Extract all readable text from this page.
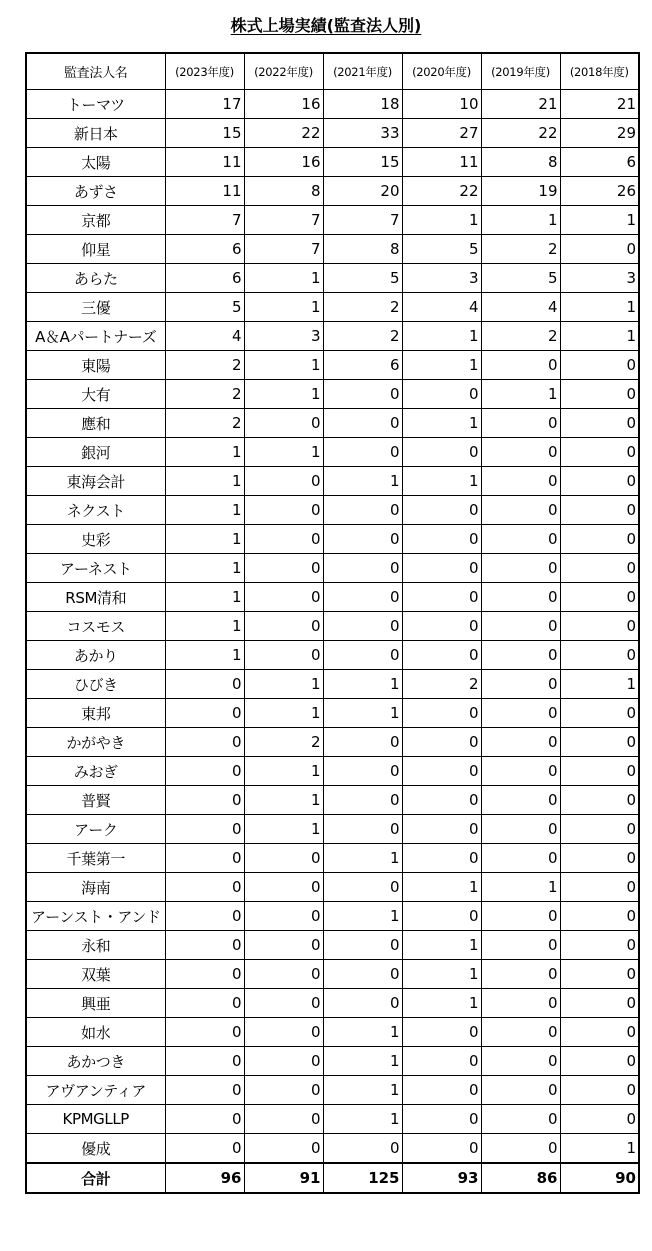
株式上場実績(監査法人別)
監査法人名	(2023年度)	(2022年度)	(2021年度)	(2020年度)	(2019年度)	(2018年度)
トーマツ	17	16	18	10	21	21
新日本	15	22	33	27	22	29
太陽	11	16	15	11	8	6
あずさ	11	8	20	22	19	26
京都	7	7	7	1	1	1
仰星	6	7	8	5	2	0
あらた	6	1	5	3	5	3
三優	5	1	2	4	4	1
A＆Aパートナーズ	4	3	2	1	2	1
東陽	2	1	6	1	0	0
大有	2	1	0	0	1	0
應和	2	0	0	1	0	0
銀河	1	1	0	0	0	0
東海会計	1	0	1	1	0	0
ネクスト	1	0	0	0	0	0
史彩	1	0	0	0	0	0
アーネスト	1	0	0	0	0	0
RSM清和	1	0	0	0	0	0
コスモス	1	0	0	0	0	0
あかり	1	0	0	0	0	0
ひびき	0	1	1	2	0	1
東邦	0	1	1	0	0	0
かがやき	0	2	0	0	0	0
みおぎ	0	1	0	0	0	0
普賢	0	1	0	0	0	0
アーク	0	1	0	0	0	0
千葉第一	0	0	1	0	0	0
海南	0	0	0	1	1	0
アーンスト・アンド	0	0	1	0	0	0
永和	0	0	0	1	0	0
双葉	0	0	0	1	0	0
興亜	0	0	0	1	0	0
如水	0	0	1	0	0	0
あかつき	0	0	1	0	0	0
アヴアンティア	0	0	1	0	0	0
KPMGLLP	0	0	1	0	0	0
優成	0	0	0	0	0	1
合計	96	91	125	93	86	90
